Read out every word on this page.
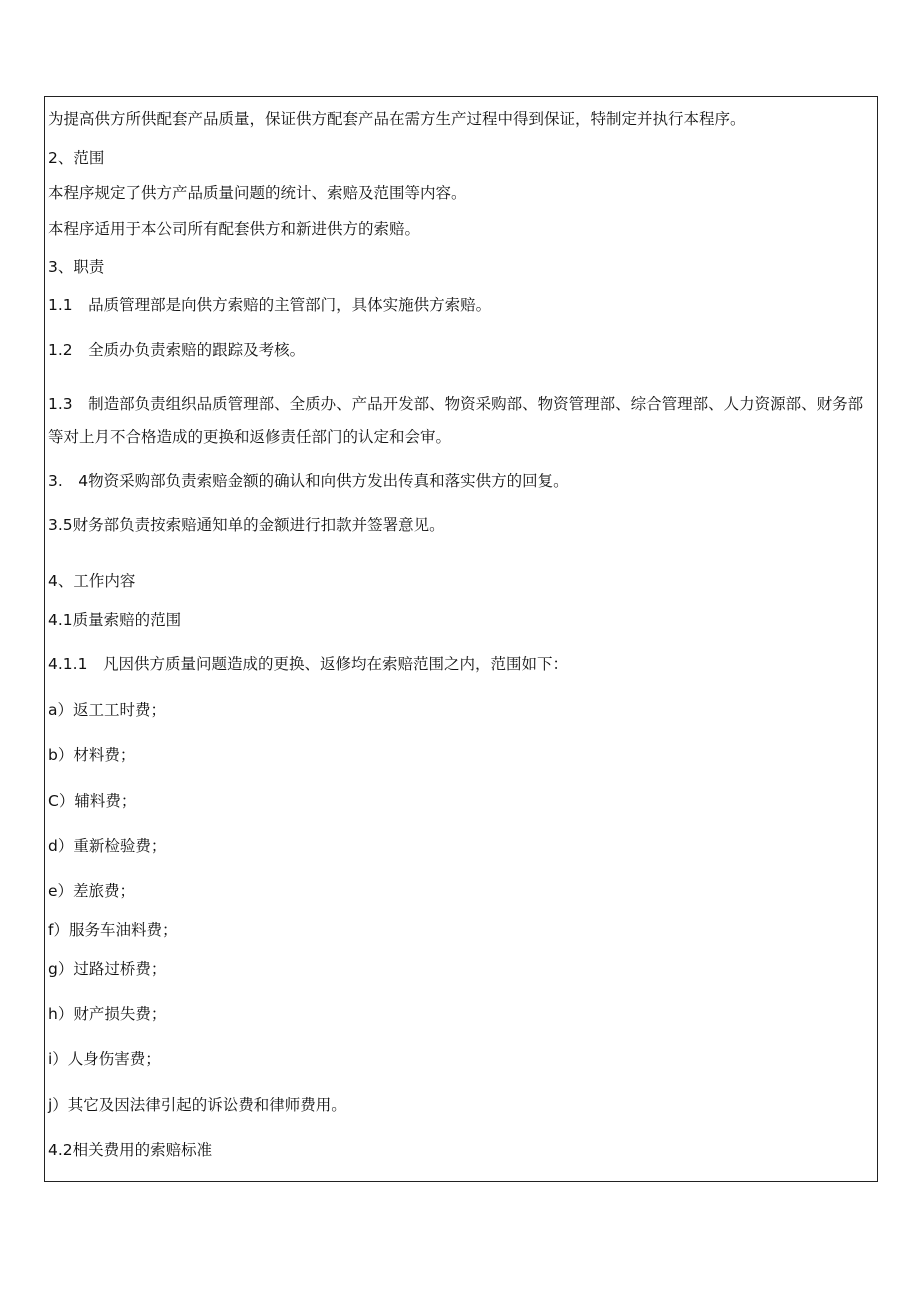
为提高供方所供配套产品质量，保证供方配套产品在需方生产过程中得到保证，特制定并执行本程序。
2、范围
本程序规定了供方产品质量问题的统计、索赔及范围等内容。
本程序适用于本公司所有配套供方和新进供方的索赔。
3、职责
1.1　品质管理部是向供方索赔的主管部门，具体实施供方索赔。
1.2　全质办负责索赔的跟踪及考核。
1.3　制造部负责组织品质管理部、全质办、产品开发部、物资采购部、物资管理部、综合管理部、人力资源部、财务部等对上月不合格造成的更换和返修责任部门的认定和会审。
3.　4物资采购部负责索赔金额的确认和向供方发出传真和落实供方的回复。
3.5财务部负责按索赔通知单的金额进行扣款并签署意见。
4、工作内容
4.1质量索赔的范围
4.1.1　凡因供方质量问题造成的更换、返修均在索赔范围之内，范围如下：
a）返工工时费；
b）材料费；
C）辅料费；
d）重新检验费；
e）差旅费；
f）服务车油料费；
g）过路过桥费；
h）财产损失费；
i）人身伤害费；
j）其它及因法律引起的诉讼费和律师费用。
4.2相关费用的索赔标准
